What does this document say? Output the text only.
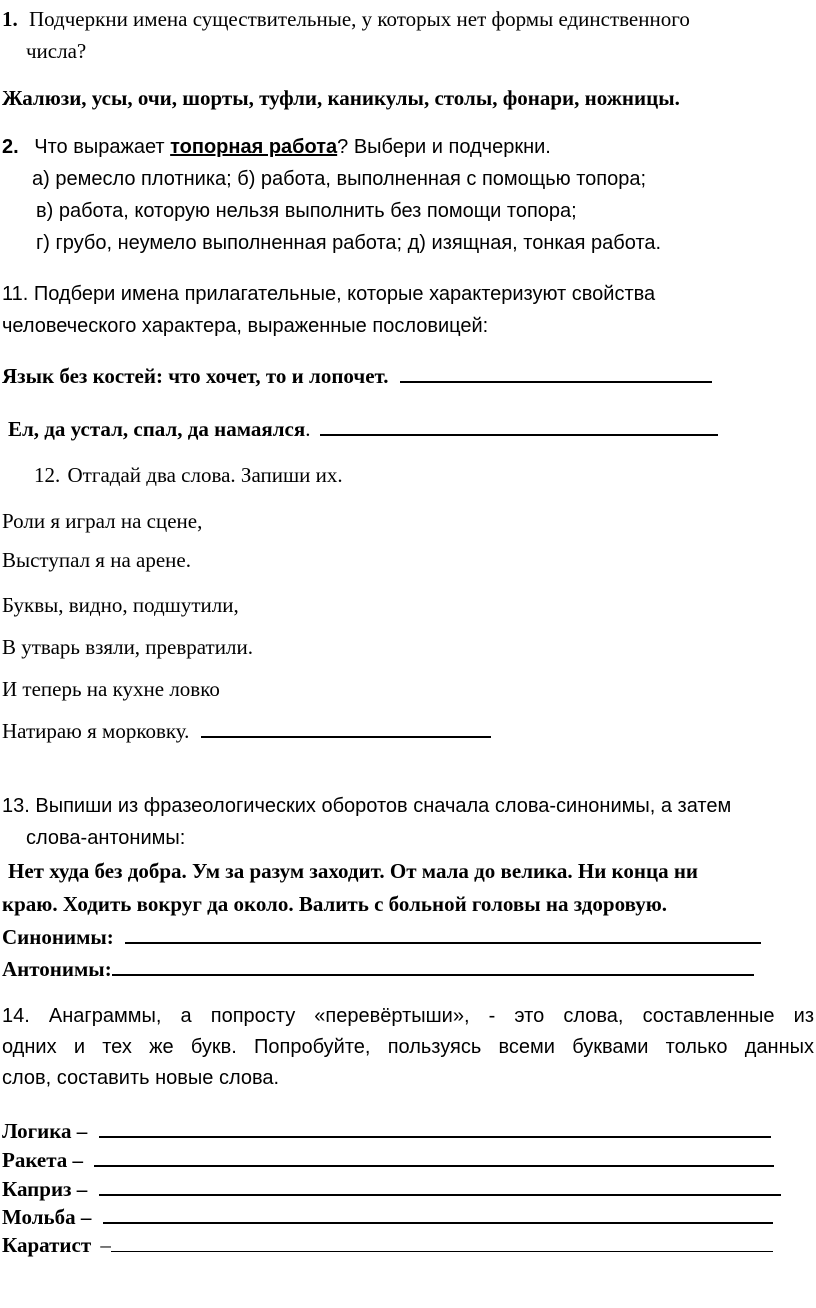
1. Подчеркни имена существительные, у которых нет формы единственного
числа?
Жалюзи, усы, очи, шорты, туфли, каникулы, столы, фонари, ножницы.
2. Что выражает топорная работа? Выбери и подчеркни.
а) ремесло плотника; б) работа, выполненная с помощью топора;
в) работа, которую нельзя выполнить без помощи топора;
г) грубо, неумело выполненная работа; д) изящная, тонкая работа.
11. Подбери имена прилагательные, которые характеризуют свойства
человеческого характера, выраженные пословицей:
Язык без костей: что хочет, то и лопочет.
Ел, да устал, спал, да намаялся.
12. Отгадай два слова. Запиши их.
Роли я играл на сцене,
Выступал я на арене.
Буквы, видно, подшутили,
В утварь взяли, превратили.
И теперь на кухне ловко
Натираю я морковку.
13. Выпиши из фразеологических оборотов сначала слова-синонимы, а затем
слова-антонимы:
Нет худа без добра. Ум за разум заходит. От мала до велика. Ни конца ни
краю. Ходить вокруг да около. Валить с больной головы на здоровую.
Синонимы:
Антонимы:
14. Анаграммы, а попросту «перевёртыши», - это слова, составленные из
одних и тех же букв. Попробуйте, пользуясь всеми буквами только данных
слов, составить новые слова.
Логика –
Ракета –
Каприз –
Мольба –
Каратист –
